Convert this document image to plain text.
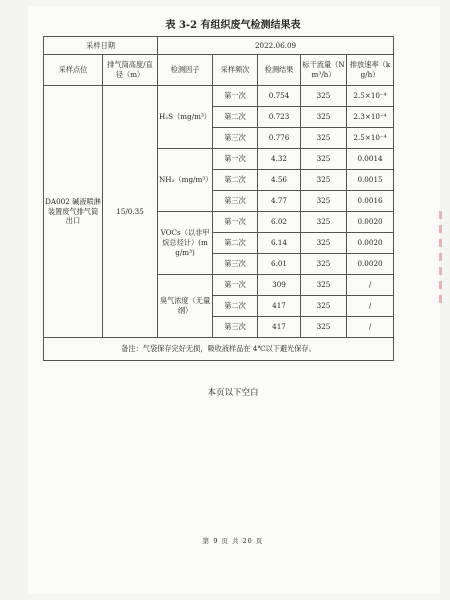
表 3-2 有组织废气检测结果表
采样日期		2022.06.09				
采样点位	排气筒高度/直径（m）	检测因子	采样频次	检测结果	标干流量（Nm³/h）	排放速率（kg/h）
DA002 碱液喷淋装置废气排气筒出口	15/0.35	H₂S（mg/m³）	第一次	0.754	325	2.5×10⁻⁴
			第二次	0.723	325	2.3×10⁻⁴
			第三次	0.776	325	2.5×10⁻⁴
		NH₃（mg/m³）	第一次	4.32	325	0.0014
			第二次	4.56	325	0.0015
			第三次	4.77	325	0.0016
		VOCs（以非甲烷总烃计）(mg/m³)	第一次	6.02	325	0.0020
			第二次	6.14	325	0.0020
			第三次	6.01	325	0.0020
		臭气浓度（无量纲）	第一次	309	325	/
			第二次	417	325	/
			第三次	417	325	/
备注：气袋保存完好无损，吸收液样品在 4℃以下避光保存。						
本页以下空白
第 9 页 共 20 页
